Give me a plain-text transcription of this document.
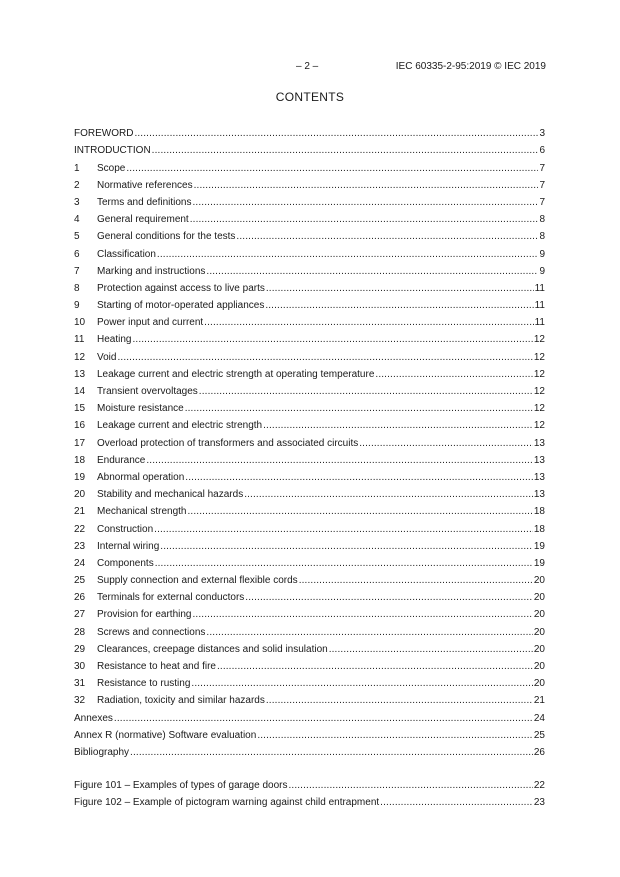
– 2 –	IEC 60335-2-95:2019 © IEC 2019
CONTENTS
FOREWORD .....	3
INTRODUCTION .....	6
1	Scope .....	7
2	Normative references .....	7
3	Terms and definitions .....	7
4	General requirement .....	8
5	General conditions for the tests .....	8
6	Classification .....	9
7	Marking and instructions .....	9
8	Protection against access to live parts .....	11
9	Starting of motor-operated appliances .....	11
10	Power input and current .....	11
11	Heating .....	12
12	Void .....	12
13	Leakage current and electric strength at operating temperature .....	12
14	Transient overvoltages .....	12
15	Moisture resistance .....	12
16	Leakage current and electric strength .....	12
17	Overload protection of transformers and associated circuits .....	13
18	Endurance .....	13
19	Abnormal operation .....	13
20	Stability and mechanical hazards .....	13
21	Mechanical strength .....	18
22	Construction .....	18
23	Internal wiring .....	19
24	Components .....	19
25	Supply connection and external flexible cords .....	20
26	Terminals for external conductors .....	20
27	Provision for earthing .....	20
28	Screws and connections .....	20
29	Clearances, creepage distances and solid insulation .....	20
30	Resistance to heat and fire .....	20
31	Resistance to rusting .....	20
32	Radiation, toxicity and similar hazards .....	21
Annexes .....	24
Annex R (normative) Software evaluation .....	25
Bibliography .....	26
Figure 101 – Examples of types of garage doors .....	22
Figure 102 – Example of pictogram warning against child entrapment .....	23
